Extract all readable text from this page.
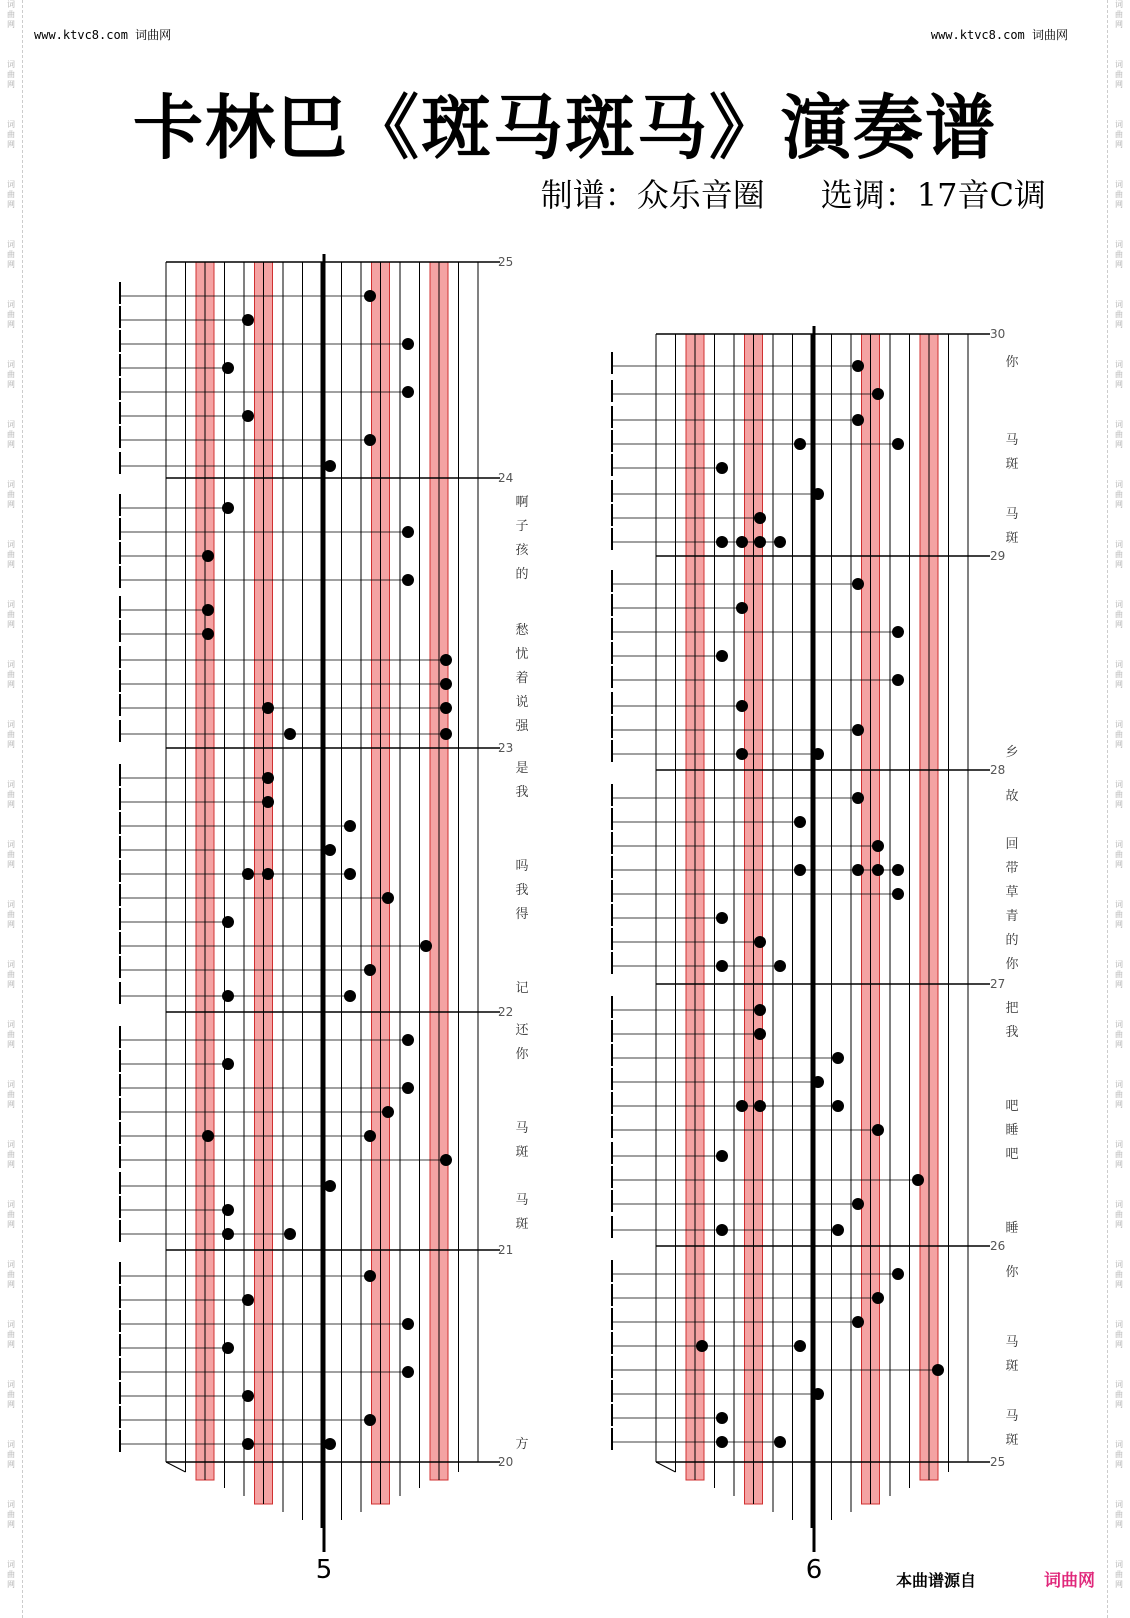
词曲网
词曲网
词曲网
词曲网
词曲网
词曲网
词曲网
词曲网
词曲网
词曲网
词曲网
词曲网
词曲网
词曲网
词曲网
词曲网
词曲网
词曲网
词曲网
词曲网
词曲网
词曲网
词曲网
词曲网
词曲网
词曲网
词曲网
词曲网
词曲网
词曲网
词曲网
词曲网
词曲网
词曲网
词曲网
词曲网
词曲网
词曲网
词曲网
词曲网
词曲网
词曲网
词曲网
词曲网
词曲网
词曲网
词曲网
词曲网
词曲网
词曲网
词曲网
词曲网
词曲网
词曲网
www.ktvc8.com 词曲网	www.ktvc8.com 词曲网
卡林巴《斑马斑马》演奏谱
制谱：众乐音圈 选调：17音C调
25
24
23
22
21
20
5
啊
子
孩
的
愁
忧
着
说
强
是
我
吗
我
得
记
还
你
马
斑
马
斑
方
30
29
28
27
26
25
6
你
马
斑
马
斑
乡
故
回
带
草
青
的
你
把
我
吧
睡
吧
睡
你
马
斑
马
斑
本曲谱源自	词曲网
